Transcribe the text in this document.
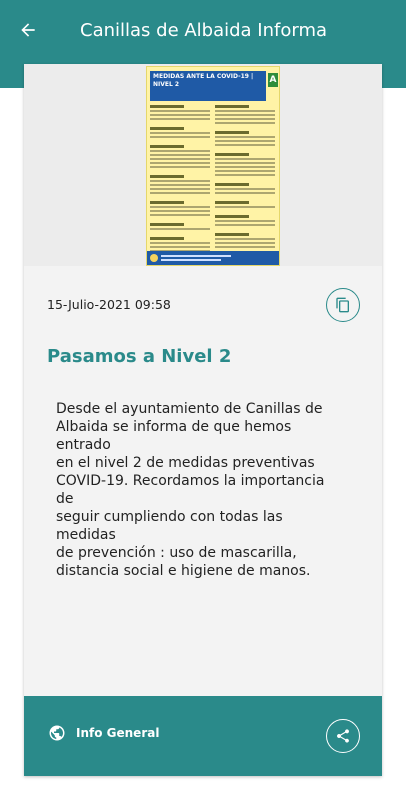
Canillas de Albaida Informa
MEDIDAS ANTE LA COVID-19 | NIVEL 2	A
15-Julio-2021 09:58
Pasamos a Nivel 2

Desde el ayuntamiento de Canillas de
Albaida se informa de que hemos entrado
en el nivel 2 de medidas preventivas
COVID-19. Recordamos la importancia de
seguir cumpliendo con todas las medidas
de prevención : uso de mascarilla,
distancia social e higiene de manos.

Info General
